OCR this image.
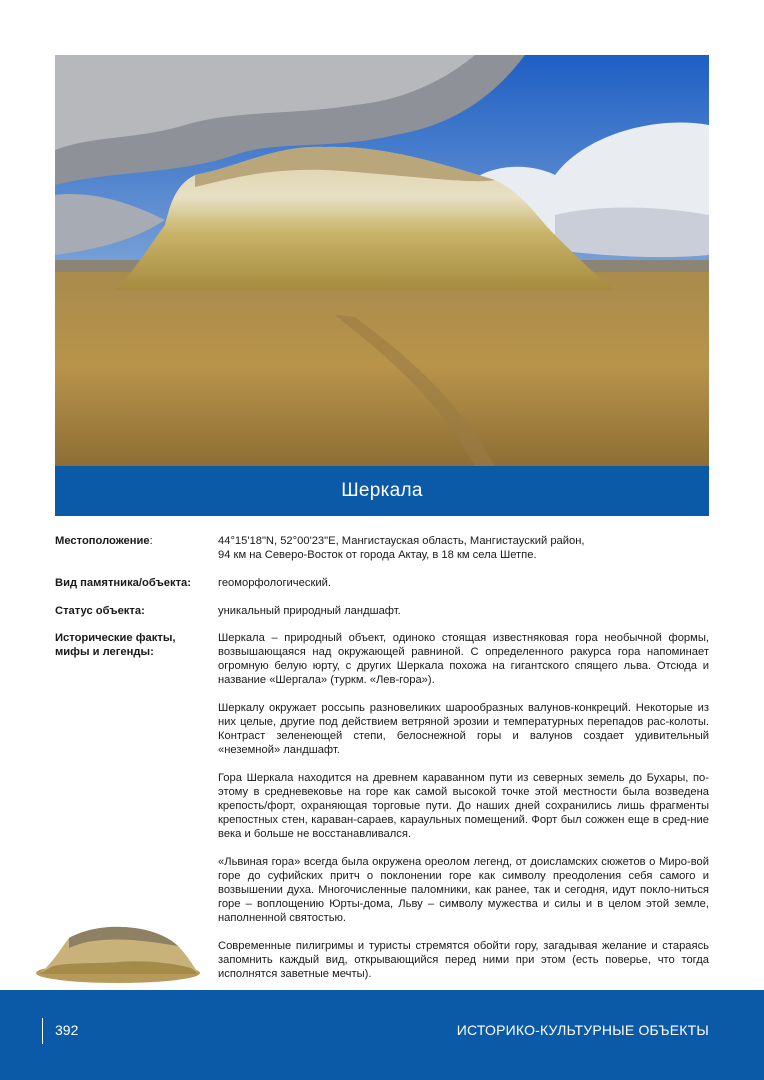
Шеркала
Местоположение:	44°15'18"N, 52°00'23"E, Мангистауская область, Мангистауский район,
94 км на Северо-Восток от города Актау, в 18 км села Шетпе.
Вид памятника/объекта:	геоморфологический.
Статус объекта:	уникальный природный ландшафт.
Исторические факты,
мифы и легенды:

Шеркала – природный объект, одиноко стоящая известняковая гора необычной формы, возвышающаяся над окружающей равниной. С определенного ракурса гора напоминает огромную белую юрту, с других Шеркала похожа на гигантского спящего льва. Отсюда и название «Шергала» (туркм. «Лев-гора»).

Шеркалу окружает россыпь разновеликих шарообразных валунов-конкреций. Некоторые из них целые, другие под действием ветряной эрозии и температурных перепадов рас-колоты. Контраст зеленеющей степи, белоснежной горы и валунов создает удивительный «неземной» ландшафт.

Гора Шеркала находится на древнем караванном пути из северных земель до Бухары, по-этому в средневековье на горе как самой высокой точке этой местности была возведена крепость/форт, охраняющая торговые пути. До наших дней сохранились лишь фрагменты крепостных стен, караван-сараев, караульных помещений. Форт был сожжен еще в сред-ние века и больше не восстанавливался.

«Львиная гора» всегда была окружена ореолом легенд, от доисламских сюжетов о Миро-вой горе до суфийских притч о поклонении горе как символу преодоления себя самого и возвышении духа. Многочисленные паломники, как ранее, так и сегодня, идут покло-ниться горе – воплощению Юрты-дома, Льву – символу мужества и силы и в целом этой земле, наполненной святостью.

Современные пилигримы и туристы стремятся обойти гору, загадывая желание и стараясь запомнить каждый вид, открывающийся перед ними при этом (есть поверье, что тогда исполнятся заветные мечты).

392	ИСТОРИКО-КУЛЬТУРНЫЕ ОБЪЕКТЫ
